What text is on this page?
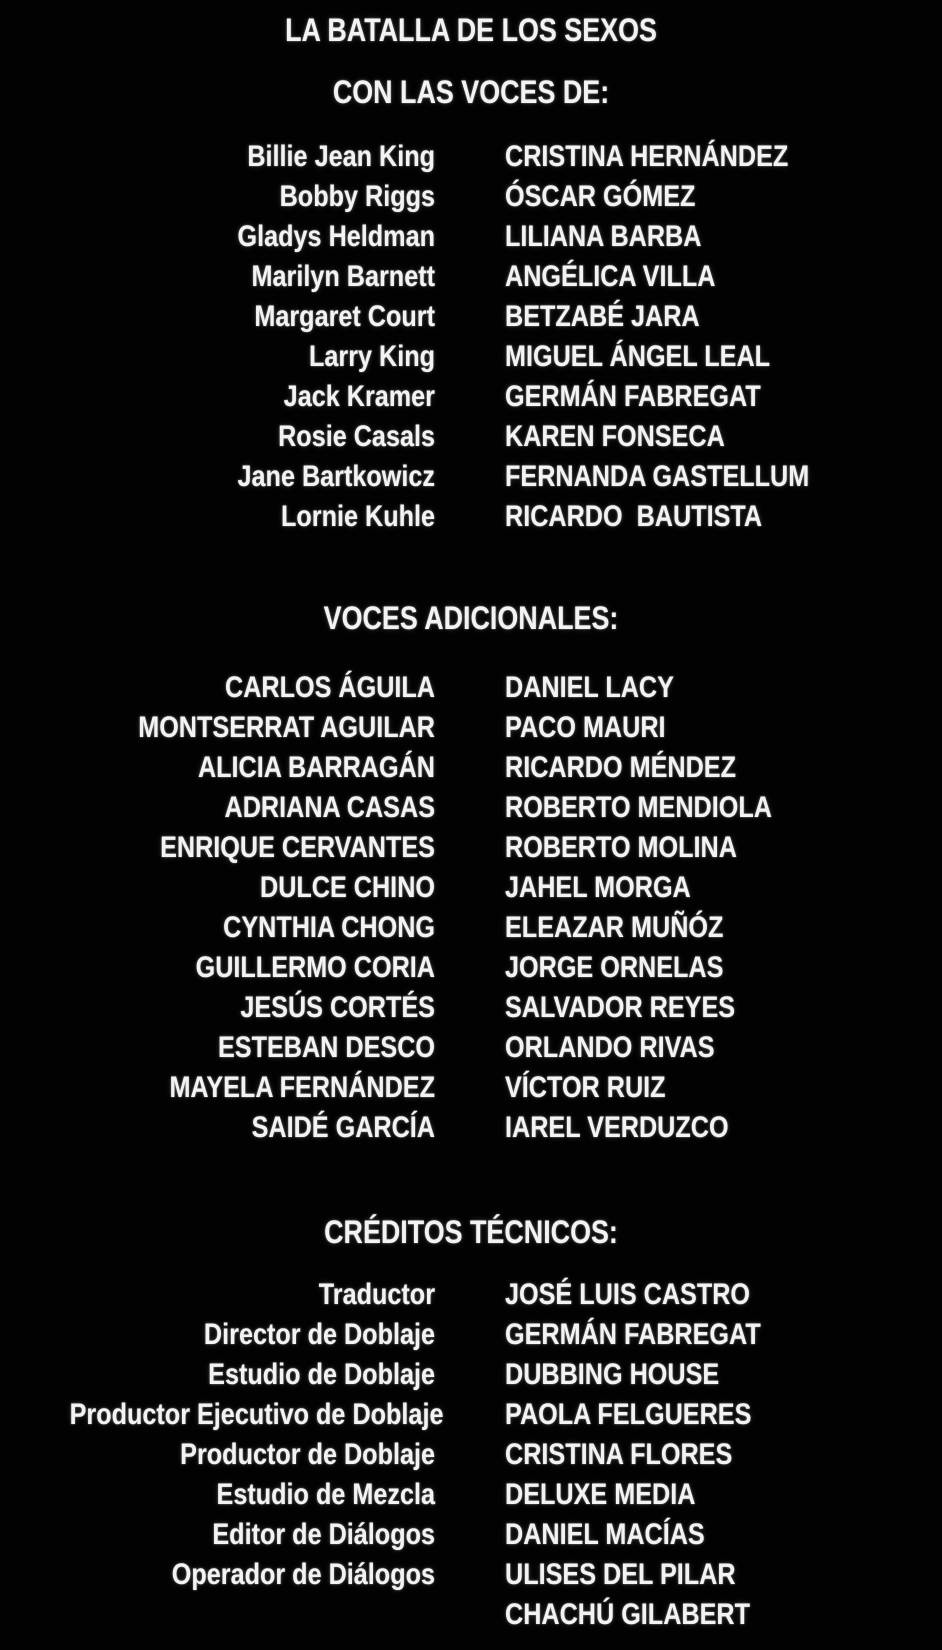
LA BATALLA DE LOS SEXOS
CON LAS VOCES DE:
Billie Jean King CRISTINA HERNÁNDEZ
Bobby Riggs ÓSCAR GÓMEZ
Gladys Heldman LILIANA BARBA
Marilyn Barnett ANGÉLICA VILLA
Margaret Court BETZABÉ JARA
Larry King MIGUEL ÁNGEL LEAL
Jack Kramer GERMÁN FABREGAT
Rosie Casals KAREN FONSECA
Jane Bartkowicz FERNANDA GASTELLUM
Lornie Kuhle RICARDO  BAUTISTA
VOCES ADICIONALES:
CARLOS ÁGUILA DANIEL LACY
MONTSERRAT AGUILAR PACO MAURI
ALICIA BARRAGÁN RICARDO MÉNDEZ
ADRIANA CASAS ROBERTO MENDIOLA
ENRIQUE CERVANTES ROBERTO MOLINA
DULCE CHINO JAHEL MORGA
CYNTHIA CHONG ELEAZAR MUÑÓZ
GUILLERMO CORIA JORGE ORNELAS
JESÚS CORTÉS SALVADOR REYES
ESTEBAN DESCO ORLANDO RIVAS
MAYELA FERNÁNDEZ VÍCTOR RUIZ
SAIDÉ GARCÍA IAREL VERDUZCO
CRÉDITOS TÉCNICOS:
Traductor JOSÉ LUIS CASTRO
Director de Doblaje GERMÁN FABREGAT
Estudio de Doblaje DUBBING HOUSE
Productor Ejecutivo de Doblaje PAOLA FELGUERES
Productor de Doblaje CRISTINA FLORES
Estudio de Mezcla DELUXE MEDIA
Editor de Diálogos DANIEL MACÍAS
Operador de Diálogos ULISES DEL PILAR
CHACHÚ GILABERT
